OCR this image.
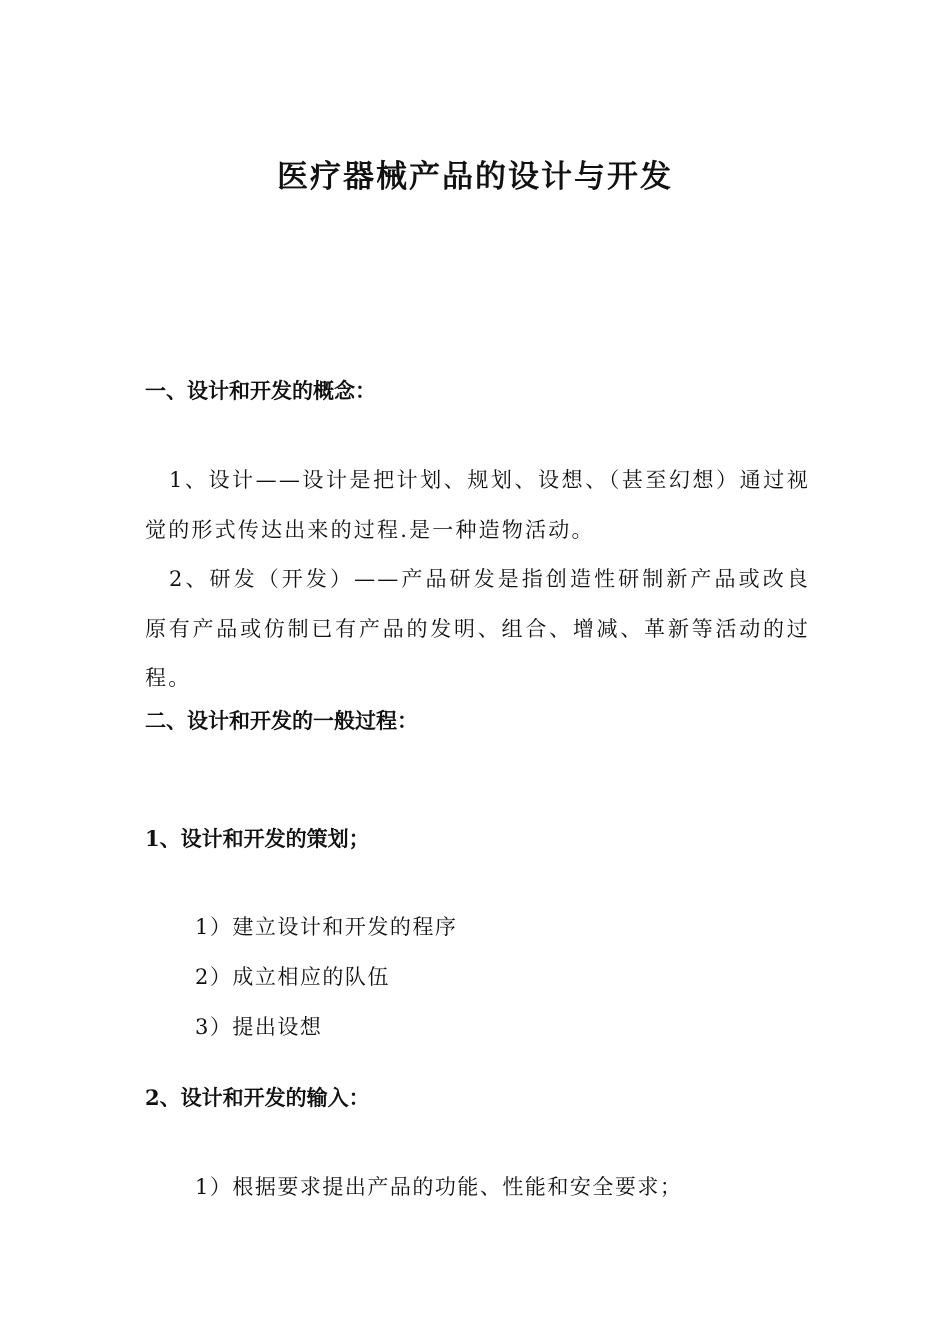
医疗器械产品的设计与开发
一、设计和开发的概念：

1、设计——设计是把计划、规划、设想、（甚至幻想）通过视觉的形式传达出来的过程.是一种造物活动。

2、研发（开发）——产品研发是指创造性研制新产品或改良原有产品或仿制已有产品的发明、组合、增减、革新等活动的过程。

二、设计和开发的一般过程：
1、设计和开发的策划；

1）建立设计和开发的程序

2）成立相应的队伍

3）提出设想

2、设计和开发的输入：

1）根据要求提出产品的功能、性能和安全要求；
